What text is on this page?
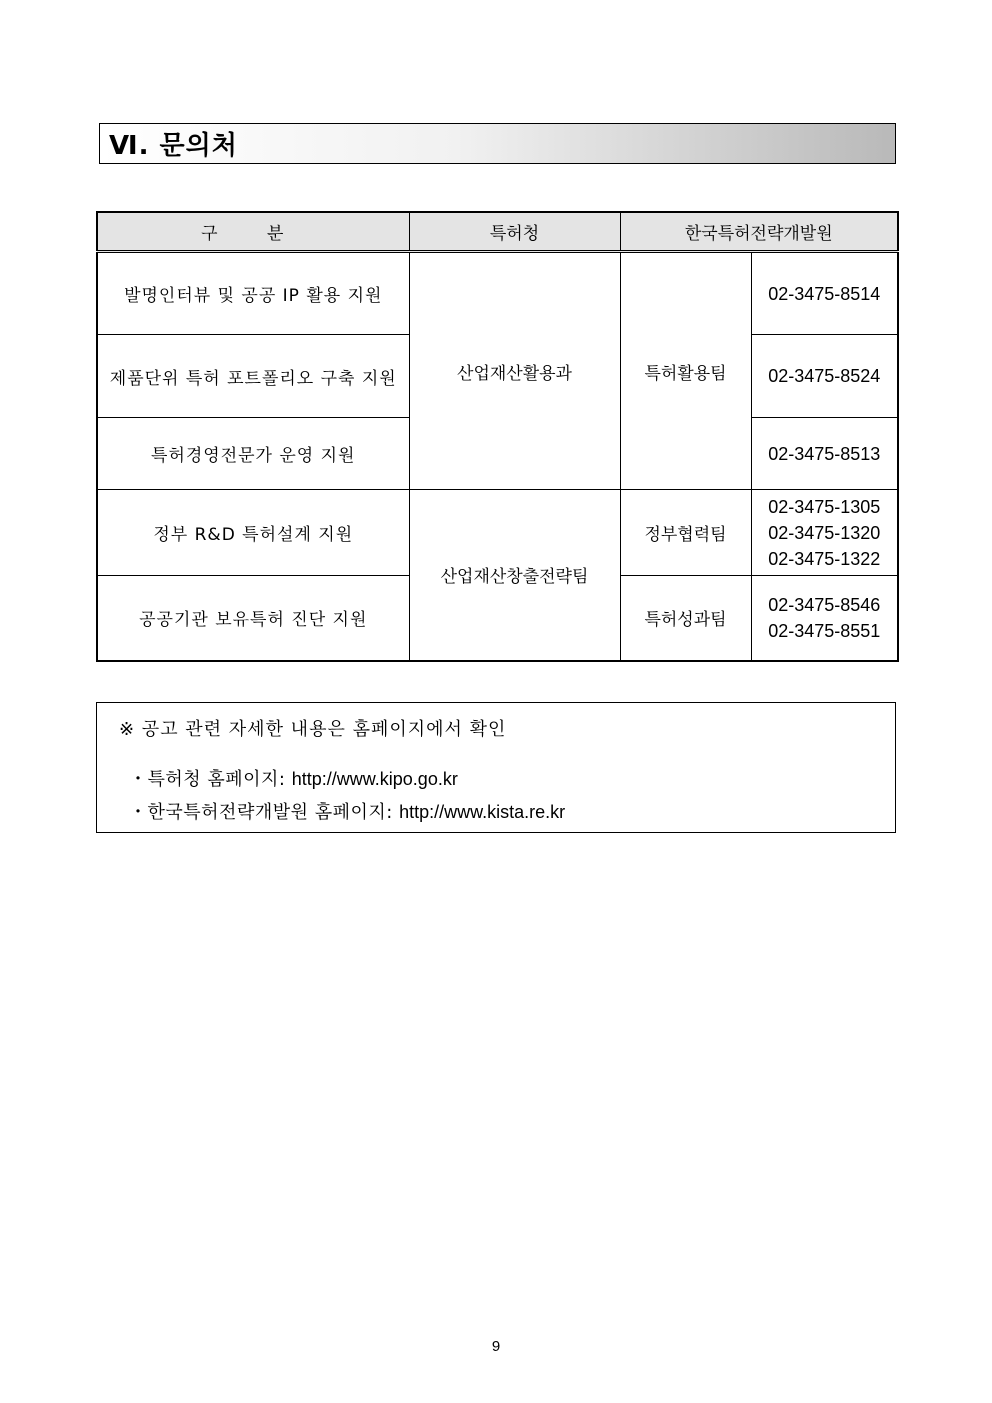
Ⅵ. 문의처
구 분	특허청	한국특허전략개발원	
발명인터뷰 및 공공 IP 활용 지원	산업재산활용과	특허활용팀	02-3475-8514

제품단위 특허 포트폴리오 구축 지원			02-3475-8524

특허경영전문가 운영 지원			02-3475-8513

정부 R&D 특허설계 지원	산업재산창출전략팀	정부협력팀	02-3475-1305
02-3475-1320
02-3475-1322

공공기관 보유특허 진단 지원		특허성과팀	02-3475-8546
02-3475-8551
※ 공고 관련 자세한 내용은 홈페이지에서 확인
・특허청 홈페이지: http://www.kipo.go.kr
・한국특허전략개발원 홈페이지: http://www.kista.re.kr
9
